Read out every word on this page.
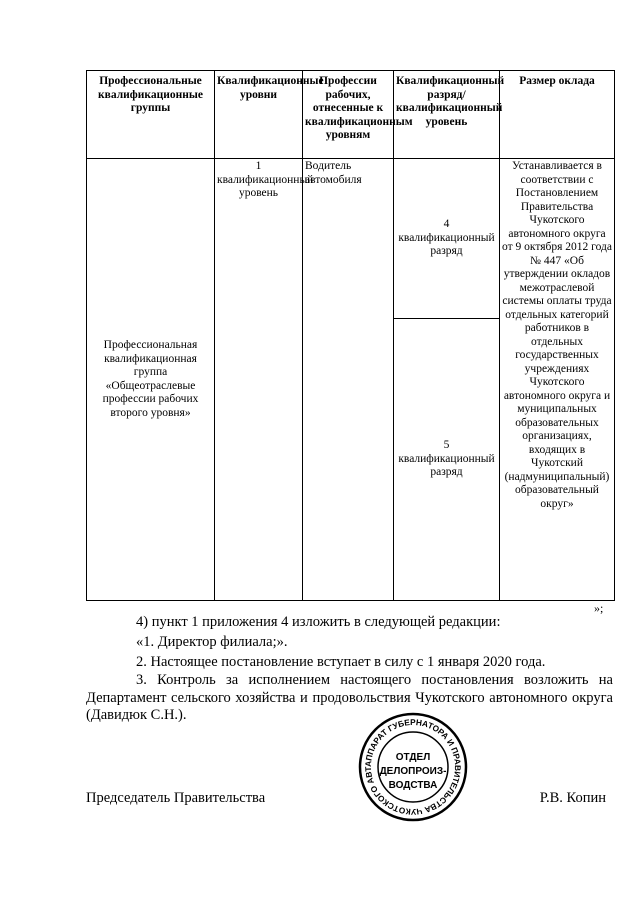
Профессиональные квалификационные группы	Квалификационные уровни	Профессии рабочих, отнесенные к квалификационным уровням	Квалификационный разряд/квалификационный уровень	Размер оклада
Профессиональная квалификационная группа «Общеотраслевые профессии рабочих второго уровня»	1 квалификационный уровень	Водитель автомобиля	4 квалификационный разряд	Устанавливается в соответствии с Постановлением Правительства Чукотского автономного округа от 9 октября 2012 года № 447 «Об утверждении окладов межотраслевой системы оплаты труда отдельных категорий работников в отдельных государственных учреждениях Чукотского автономного округа и муниципальных образовательных организациях, входящих в Чукотский (надмуниципальный) образовательный округ»
			5 квалификационный разряд	
»;
4) пункт 1 приложения 4 изложить в следующей редакции:
«1. Директор филиала;».
2. Настоящее постановление вступает в силу с 1 января 2020 года.
3. Контроль за исполнением настоящего постановления возложить на Департамент сельского хозяйства и продовольствия Чукотского автономного округа (Давидюк С.Н.).
АППАРАТ ГУБЕРНАТОРА И ПРАВИТЕЛЬСТВА ЧУКОТСКОГО АВТ
ОТДЕЛ
ДЕЛОПРОИЗ-
ВОДСТВА
Председатель Правительства	Р.В. Копин
